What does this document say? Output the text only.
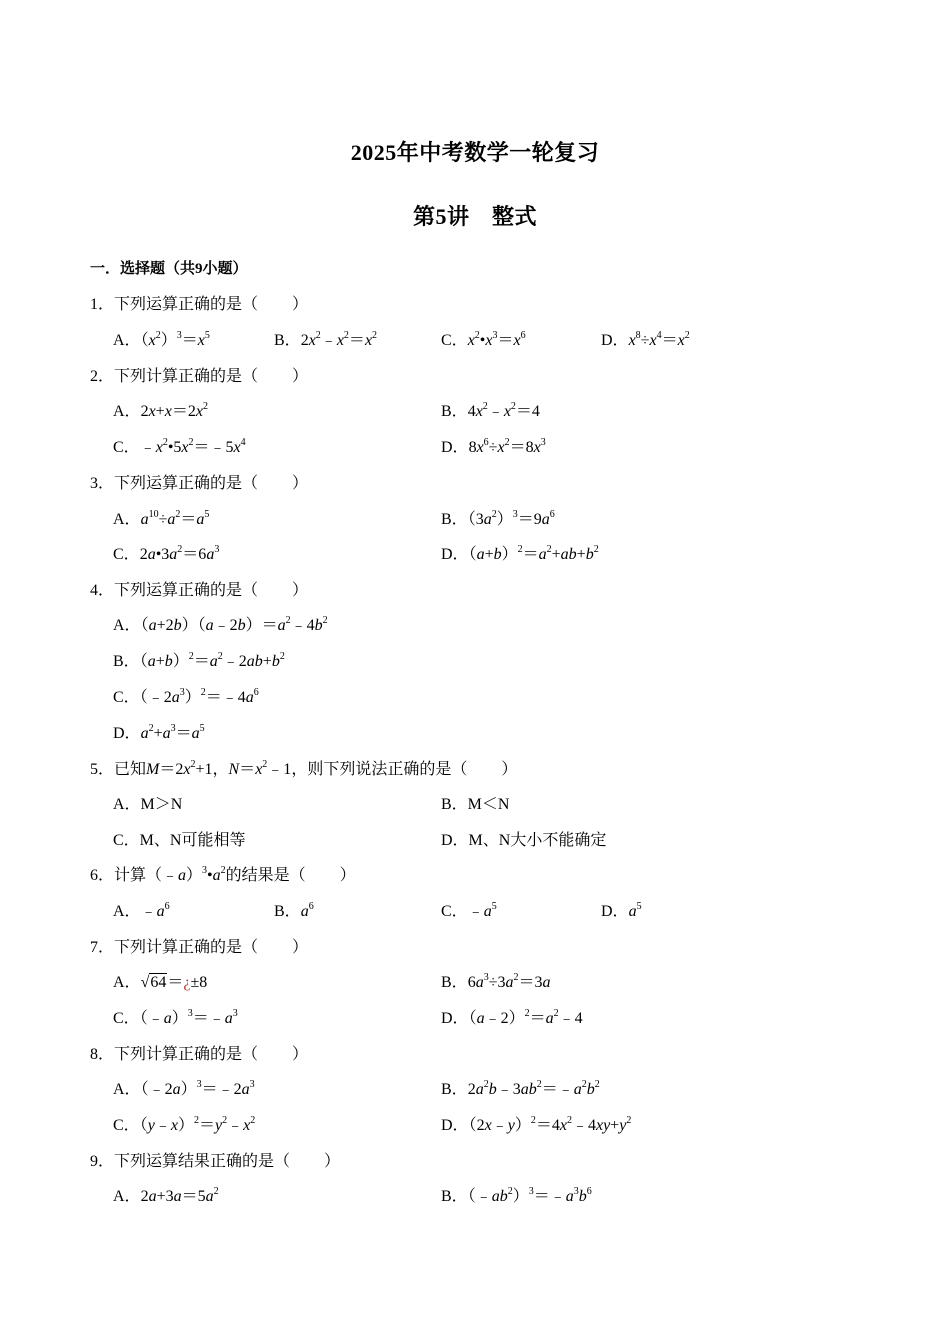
2025年中考数学一轮复习
第5讲　整式
一．选择题（共9小题）
1．下列运算正确的是（ ）
A．$(x^2)^3=x^5$	B．$2x^2﹣x^2=x^2$	C．$x^2•x^3=x^6$	D．$x^8\div x^4=x^2$
2．下列计算正确的是（ ）
A．$2x+x=2x^2$	B．$4x^2﹣x^2=4$
C．$﹣x^2•5x^2=﹣5x^4$	D．$8x^6\div x^2=8x^3$
3．下列运算正确的是（ ）
A．$a^{10}\div a^2=a^5$	B．$(3a^2)^3=9a^6$
C．$2a•3a^2=6a^3$	D．$(a+b)^2=a^2+ab+b^2$
4．下列运算正确的是（ ）
A．$(a+2b)(a﹣2b)=a^2﹣4b^2$
B．$(a+b)^2=a^2﹣2ab+b^2$
C．$(﹣2a^3)^2=﹣4a^6$
D．$a^2+a^3=a^5$
5．已知$M=2x^2+1$，$N=x^2﹣1$，则下列说法正确的是（ ）
A．M＞N	B．M＜N
C．M、N可能相等	D．M、N大小不能确定
6．计算$(﹣a)^3•a^2$的结果是（ ）
A．$﹣a^6$	B．$a^6$	C．$﹣a^5$	D．$a^5$
7．下列计算正确的是（ ）
A．√64＝¿±8	B．$6a^3\div 3a^2=3a$
C．$(﹣a)^3=﹣a^3$	D．$(a﹣2)^2=a^2﹣4$
8．下列计算正确的是（ ）
A．$(﹣2a)^3=﹣2a^3$	B．$2a^2b﹣3ab^2=﹣a^2b^2$
C．$(y﹣x)^2=y^2﹣x^2$	D．$(2x﹣y)^2=4x^2﹣4xy+y^2$
9．下列运算结果正确的是（ ）
A．$2a+3a=5a^2$	B．$(﹣ab^2)^3=﹣a^3b^6$
